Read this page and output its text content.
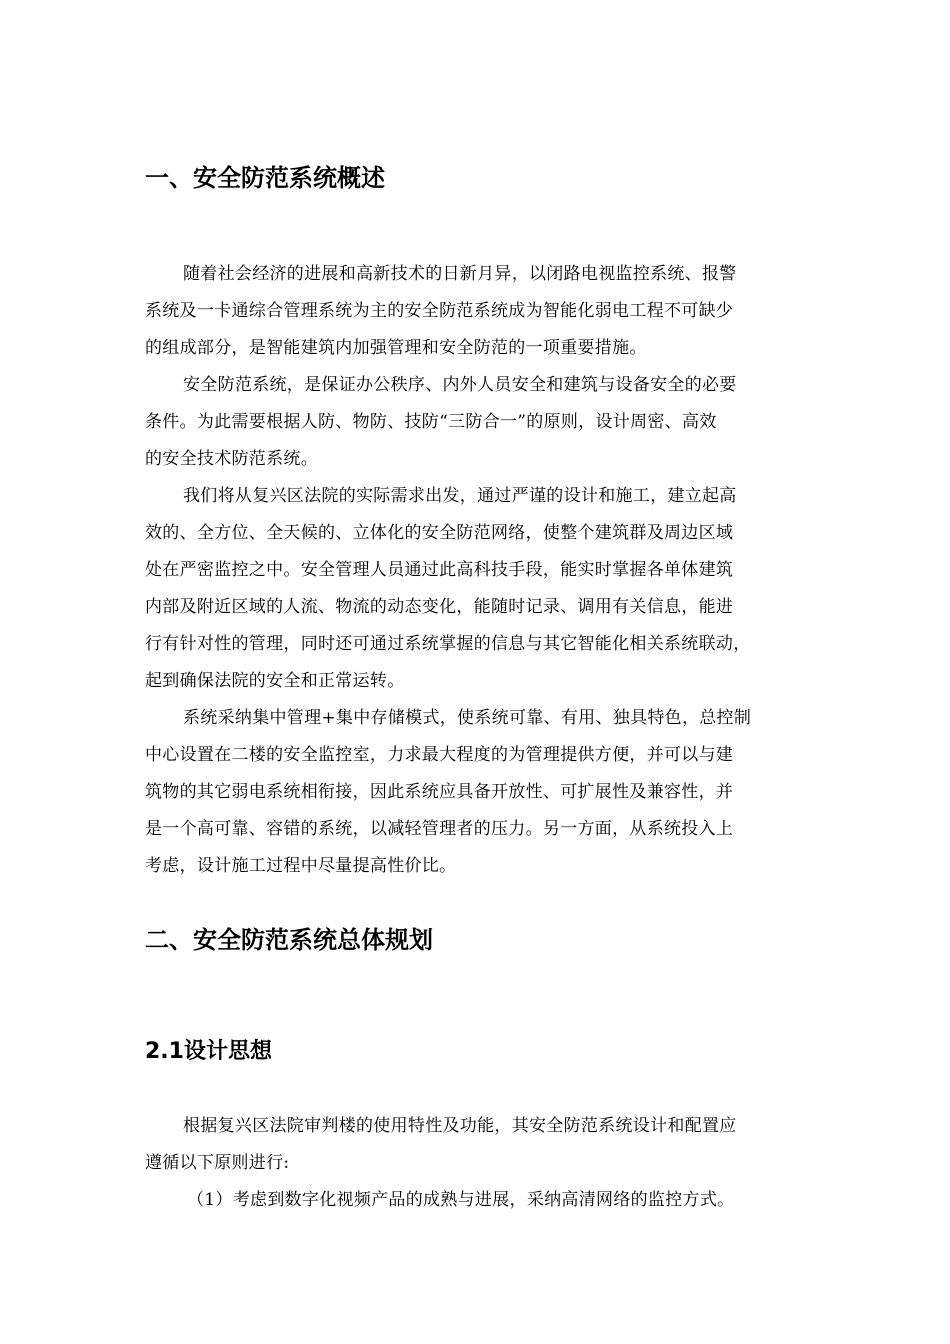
一、安全防范系统概述

随着社会经济的进展和高新技术的日新月异，以闭路电视监控系统、报警

系统及一卡通综合管理系统为主的安全防范系统成为智能化弱电工程不可缺少

的组成部分，是智能建筑内加强管理和安全防范的一项重要措施。

安全防范系统，是保证办公秩序、内外人员安全和建筑与设备安全的必要

条件。为此需要根据人防、物防、技防“三防合一”的原则，设计周密、高效

的安全技术防范系统。

我们将从复兴区法院的实际需求出发，通过严谨的设计和施工，建立起高

效的、全方位、全天候的、立体化的安全防范网络，使整个建筑群及周边区域

处在严密监控之中。安全管理人员通过此高科技手段，能实时掌握各单体建筑

内部及附近区域的人流、物流的动态变化，能随时记录、调用有关信息，能进

行有针对性的管理，同时还可通过系统掌握的信息与其它智能化相关系统联动，

起到确保法院的安全和正常运转。

系统采纳集中管理+集中存储模式，使系统可靠、有用、独具特色，总控制

中心设置在二楼的安全监控室，力求最大程度的为管理提供方便，并可以与建

筑物的其它弱电系统相衔接，因此系统应具备开放性、可扩展性及兼容性，并

是一个高可靠、容错的系统，以减轻管理者的压力。另一方面，从系统投入上

考虑，设计施工过程中尽量提高性价比。

二、安全防范系统总体规划
2.1设计思想

根据复兴区法院审判楼的使用特性及功能，其安全防范系统设计和配置应

遵循以下原则进行:

（1）考虑到数字化视频产品的成熟与进展，采纳高清网络的监控方式。
